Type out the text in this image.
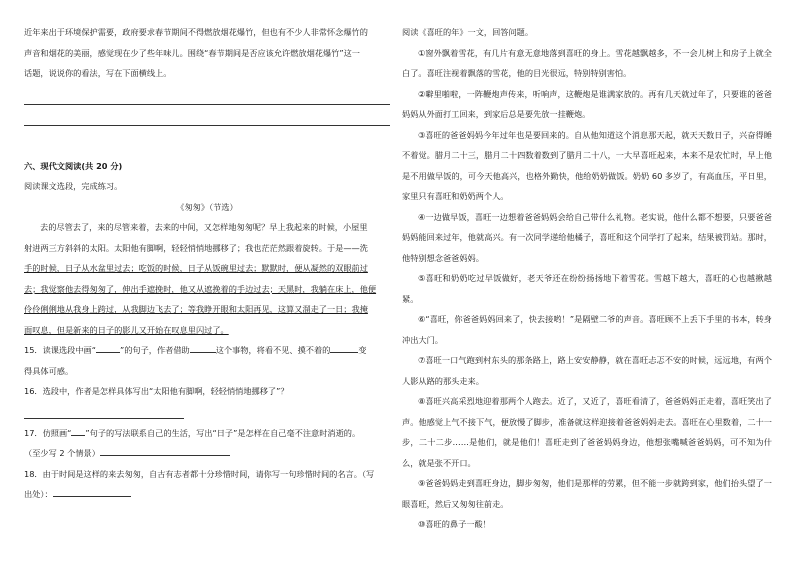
近年来出于环境保护需要，政府要求春节期间不得燃放烟花爆竹，但也有不少人非常怀念爆竹的

声音和烟花的美丽，感觉现在少了些年味儿。围绕“春节期间是否应该允许燃放烟花爆竹”这一

话题，说说你的看法，写在下面横线上。

六、现代文阅读(共 20 分)

阅读课文选段，完成练习。

《匆匆》（节选）

去的尽管去了，来的尽管来着，去来的中间，又怎样地匆匆呢？早上我起来的时候，小屋里

射进两三方斜斜的太阳。太阳他有脚啊，轻轻悄悄地挪移了；我也茫茫然跟着旋转。于是——洗

手的时候，日子从水盆里过去；吃饭的时候，日子从饭碗里过去；默默时，便从凝然的双眼前过

去；我觉察他去得匆匆了，伸出手遮挽时，他又从遮挽着的手边过去；天黑时，我躺在床上，他便

伶伶俐俐地从我身上跨过，从我脚边飞去了；等我睁开眼和太阳再见，这算又溜走了一日；我掩

面叹息，但是新来的日子的影儿又开始在叹息里闪过了。

15．读课选段中画“	”的句子，作者借助	这个事物，将看不见、摸不着的	变

得具体可感。

16．选段中，作者是怎样具体写出“太阳他有脚啊，轻轻悄悄地挪移了”？

17．仿照画“ ”句子的写法联系自己的生活，写出“日子”是怎样在自己毫不注意时消逝的。

（至少写 2 个情景）

18．由于时间是这样的来去匆匆，自古有志者都十分珍惜时间，请你写一句珍惜时间的名言。（写

出处）：

阅读《喜旺的年》一文，回答问题。

①窗外飘着雪花，有几片有意无意地落到喜旺的身上。雪花越飘越多，不一会儿树上和房子上就全白了。喜旺注视着飘落的雪花，他的目光很远，特别特别害怕。

②噼里啪啦，一阵鞭炮声传来，听响声，这鞭炮是谁满家放的。再有几天就过年了，只要谁的爸爸妈妈从外面打工回来，到家后总是要先放一挂鞭炮。

③喜旺的爸爸妈妈今年过年也是要回来的。自从他知道这个消息那天起，就天天数日子，兴奋得睡不着觉。腊月二十三，腊月二十四数着数到了腊月二十八，一大早喜旺起来，本来不是农忙时，早上他是不用做早饭的，可今天他高兴，也格外勤快，他给奶奶做饭。奶奶 60 多岁了，有高血压，平日里，家里只有喜旺和奶奶两个人。

④一边做早饭，喜旺一边想着爸爸妈妈会给自己带什么礼物。老实说，他什么都不想要，只要爸爸妈妈能回来过年，他就高兴。有一次同学递给他橘子，喜旺和这个同学打了起来，结果被罚站。那时，他特别想念爸爸妈妈。

⑤喜旺和奶奶吃过早饭做好，老天爷还在纷纷扬扬地下着雪花。雪越下越大，喜旺的心也越揪越紧。

⑥“喜旺，你爸爸妈妈回来了，快去接哟！”是隔壁二爷的声音。喜旺顾不上丢下手里的书本，转身冲出大门。

⑦喜旺一口气跑到村东头的那条路上，路上安安静静，就在喜旺忐忑不安的时候，远远地，有两个人影从路的那头走来。

⑧喜旺兴高采烈地迎着那两个人跑去。近了，又近了，喜旺看清了，爸爸妈妈正走着，喜旺笑出了声。他感觉上气不接下气，便放慢了脚步，准备就这样迎接着爸爸妈妈走去。喜旺在心里数着，二十一步，二十二步……是他们，就是他们！喜旺走到了爸爸妈妈身边，他想张嘴喊爸爸妈妈，可不知为什么，就是张不开口。

⑨爸爸妈妈走到喜旺身边，脚步匆匆，他们是那样的劳累，但不能一步就跨到家，他们抬头望了一眼喜旺，然后又匆匆往前走。

⑩喜旺的鼻子一酸！
